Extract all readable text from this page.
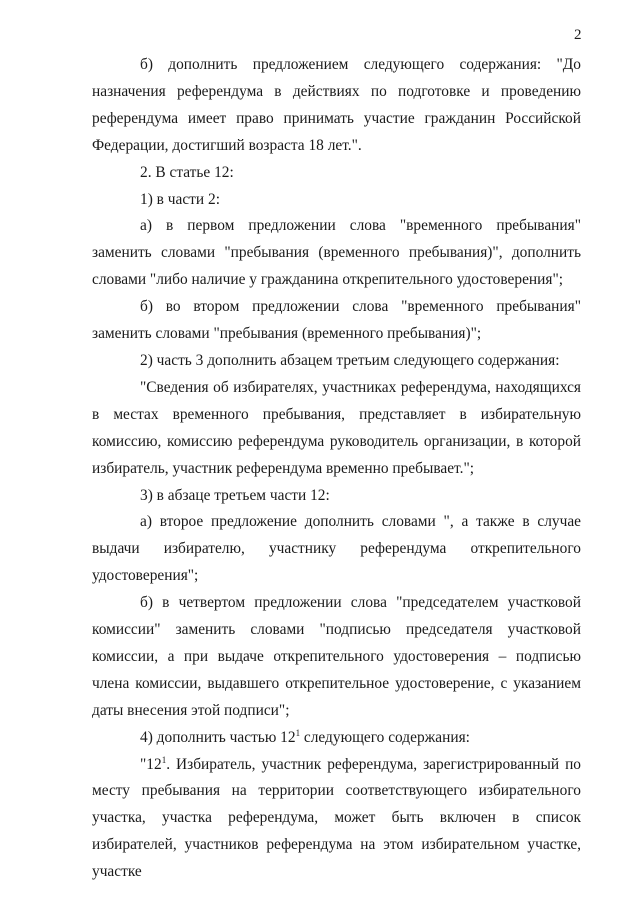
2

б) дополнить предложением следующего содержания: "До назначения референдума в действиях по подготовке и проведению референдума имеет право принимать участие гражданин Российской Федерации, достигший возраста 18 лет.".

2. В статье 12:

1) в части 2:

а) в первом предложении слова "временного пребывания" заменить словами "пребывания (временного пребывания)", дополнить словами "либо наличие у гражданина открепительного удостоверения";

б) во втором предложении слова "временного пребывания" заменить словами "пребывания (временного пребывания)";

2) часть 3 дополнить абзацем третьим следующего содержания:

"Сведения об избирателях, участниках референдума, находящихся в местах временного пребывания, представляет в избирательную комиссию, комиссию референдума руководитель организации, в которой избиратель, участник референдума временно пребывает.";

3) в абзаце третьем части 12:

а) второе предложение дополнить словами ", а также в случае выдачи избирателю, участнику референдума открепительного удостоверения";

б) в четвертом предложении слова "председателем участковой комиссии" заменить словами "подписью председателя участковой комиссии, а при выдаче открепительного удостоверения – подписью члена комиссии, выдавшего открепительное удостоверение, с указанием даты внесения этой подписи";

4) дополнить частью $12^1$ следующего содержания:

"$12^1$. Избиратель, участник референдума, зарегистрированный по месту пребывания на территории соответствующего избирательного участка, участка референдума, может быть включен в список избирателей, участников референдума на этом избирательном участке, участке
